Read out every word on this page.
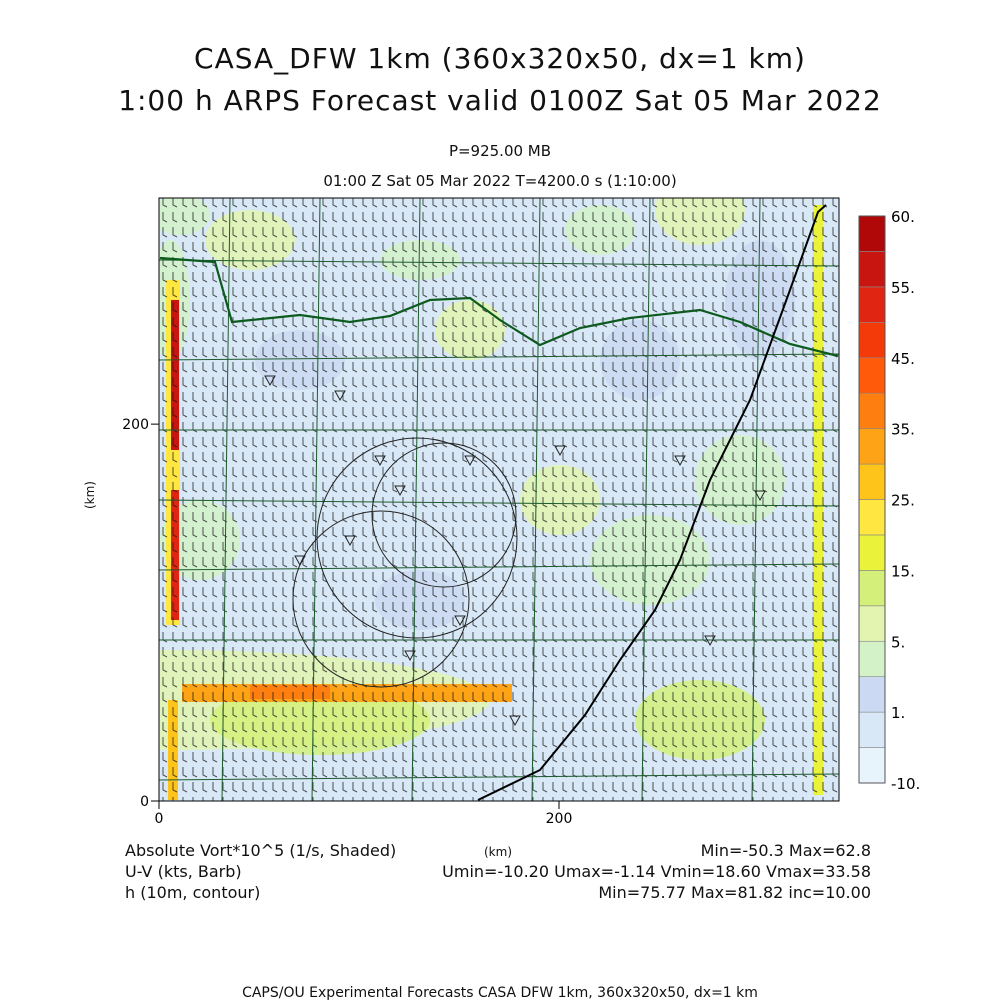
CASA_DFW 1km (360x320x50, dx=1 km)
1:00 h ARPS Forecast valid 0100Z Sat 05 Mar 2022
P=925.00 MB
01:00 Z Sat 05 Mar 2022 T=4200.0 s (1:10:00)
0	200
0
200
60.
55.
45.
35.
25.
15.
5.
1.
-10.
(km)
(km)
Absolute Vort*10^5 (1/s, Shaded)
U-V (kts, Barb)
h (10m, contour)
Min=-50.3 Max=62.8
Umin=-10.20 Umax=-1.14 Vmin=18.60 Vmax=33.58
Min=75.77 Max=81.82 inc=10.00
CAPS/OU Experimental Forecasts CASA DFW 1km, 360x320x50, dx=1 km
